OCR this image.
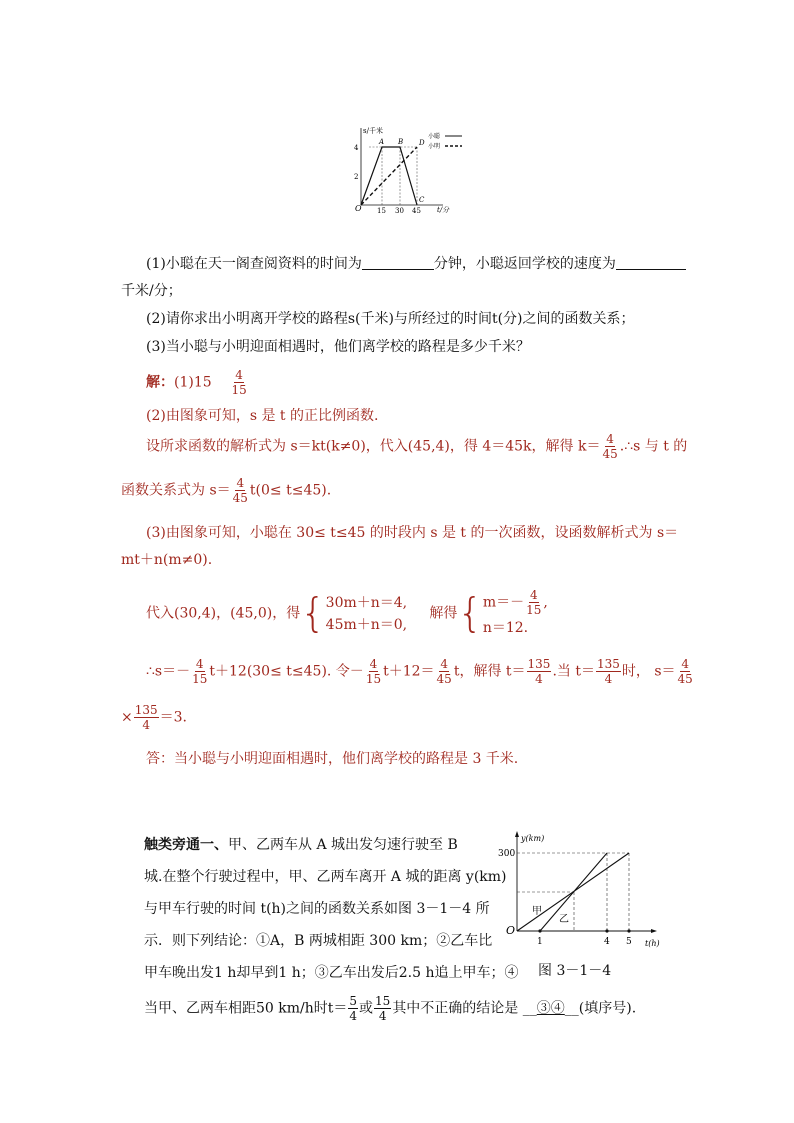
s/千米
t/分
O
2
4
15 30 45
A B
C
D
小聪
小明
(1)小聪在天一阁查阅资料的时间为	分钟，小聪返回学校的速度为
千米/分；
(2)请你求出小明离开学校的路程s(千米)与所经过的时间t(分)之间的函数关系；
(3)当小聪与小明迎面相遇时，他们离学校的路程是多少千米？
解：$(1)15 \frac{4}{15}$
(2)由图象可知，s 是 t 的正比例函数.
设所求函数的解析式为 s＝kt(k≠0)，代入(45,4)，得 4＝45k，解得 $k= \frac{4}{45}$ .∴s 与 t 的
函数关系式为 $s= \frac{4}{45} t(0\le t\le 45)$.
(3)由图象可知，小聪在 30≤ t≤45 的时段内 s 是 t 的一次函数，设函数解析式为 s＝
mt＋n(m≠0).
代入(30,4)，(45,0)，得{ 30m＋n＝4,
45m＋n＝0,
解得{ $m=- \frac{4}{15}$ ,
n＝12.
∴s＝－ $\frac{4}{15} t+12(30\le t\le 45)$. 令－ $\frac{4}{15} t+12= \frac{4}{45}$ t，解得 $t= \frac{135}{4}$ .当 $t= \frac{135}{4}$ 时， $s= \frac{4}{45}$
× $\frac{135}{4} =3$.
答：当小聪与小明迎面相遇时，他们离学校的路程是 3 千米.
触类旁通一、甲、乙两车从 A 城出发匀速行驶至 B
城.在整个行驶过程中，甲、乙两车离开 A 城的距离 y(km)
与甲车行驶的时间 t(h)之间的函数关系如图 3－1－4 所
示．则下列结论：①A，B 两城相距 300 km；②乙车比
甲车晚出发1 h却早到1 h；③乙车出发后2.5 h追上甲车；④
当甲、乙两车相距50 km/h时$t= \frac{5}{4}$ 或 $\frac{15}{4}$ 其中不正确的结论是 __③④__(填序号).
y(km)
t(h)
O
300
1	4 5
甲
乙
图 3－1－4
